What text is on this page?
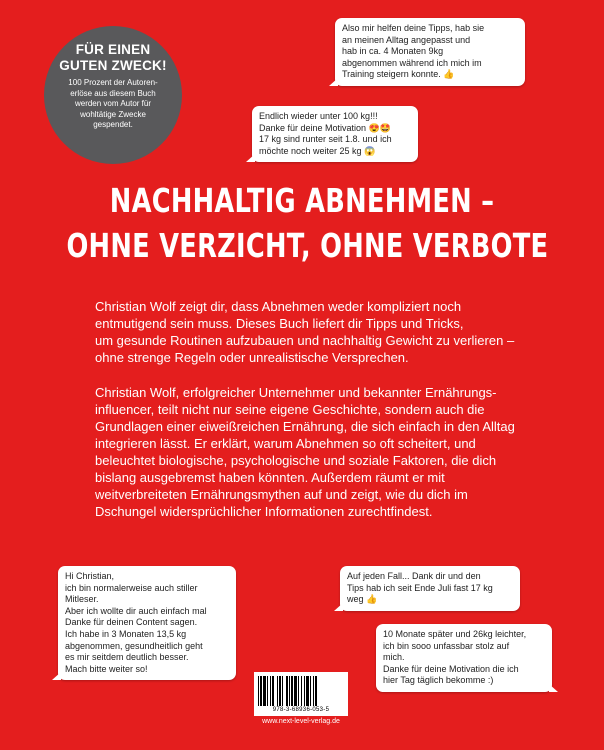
FÜR EINEN
GUTEN ZWECK!
100 Prozent der Autoren-
erlöse aus diesem Buch
werden vom Autor für
wohltätige Zwecke
gespendet.
Also mir helfen deine Tipps, hab sie
an meinen Alltag angepasst und
hab in ca. 4 Monaten 9kg
abgenommen während ich mich im
Training steigern konnte. 👍
Endlich wieder unter 100 kg!!!
Danke für deine Motivation 😍🤩
17 kg sind runter seit 1.8. und ich
möchte noch weiter 25 kg 😱
NACHHALTIG ABNEHMEN –
OHNE VERZICHT, OHNE VERBOTE
Christian Wolf zeigt dir, dass Abnehmen weder kompliziert noch
entmutigend sein muss. Dieses Buch liefert dir Tipps und Tricks,
um gesunde Routinen aufzubauen und nachhaltig Gewicht zu verlieren –
ohne strenge Regeln oder unrealistische Versprechen.
Christian Wolf, erfolgreicher Unternehmer und bekannter Ernährungs-
influencer, teilt nicht nur seine eigene Geschichte, sondern auch die
Grundlagen einer eiweißreichen Ernährung, die sich einfach in den Alltag
integrieren lässt. Er erklärt, warum Abnehmen so oft scheitert, und
beleuchtet biologische, psychologische und soziale Faktoren, die dich
bislang ausgebremst haben könnten. Außerdem räumt er mit
weitverbreiteten Ernährungsmythen auf und zeigt, wie du dich im
Dschungel widersprüchlicher Informationen zurechtfindest.
Hi Christian,
ich bin normalerweise auch stiller
Mitleser.
Aber ich wollte dir auch einfach mal
Danke für deinen Content sagen.
Ich habe in 3 Monaten 13,5 kg
abgenommen, gesundheitlich geht
es mir seitdem deutlich besser.
Mach bitte weiter so!
Auf jeden Fall... Dank dir und den
Tips hab ich seit Ende Juli fast 17 kg
weg 👍
10 Monate später und 26kg leichter,
ich bin sooo unfassbar stolz auf
mich.
Danke für deine Motivation die ich
hier Tag täglich bekomme :)
978-3-68936-053-5
www.next-level-verlag.de
